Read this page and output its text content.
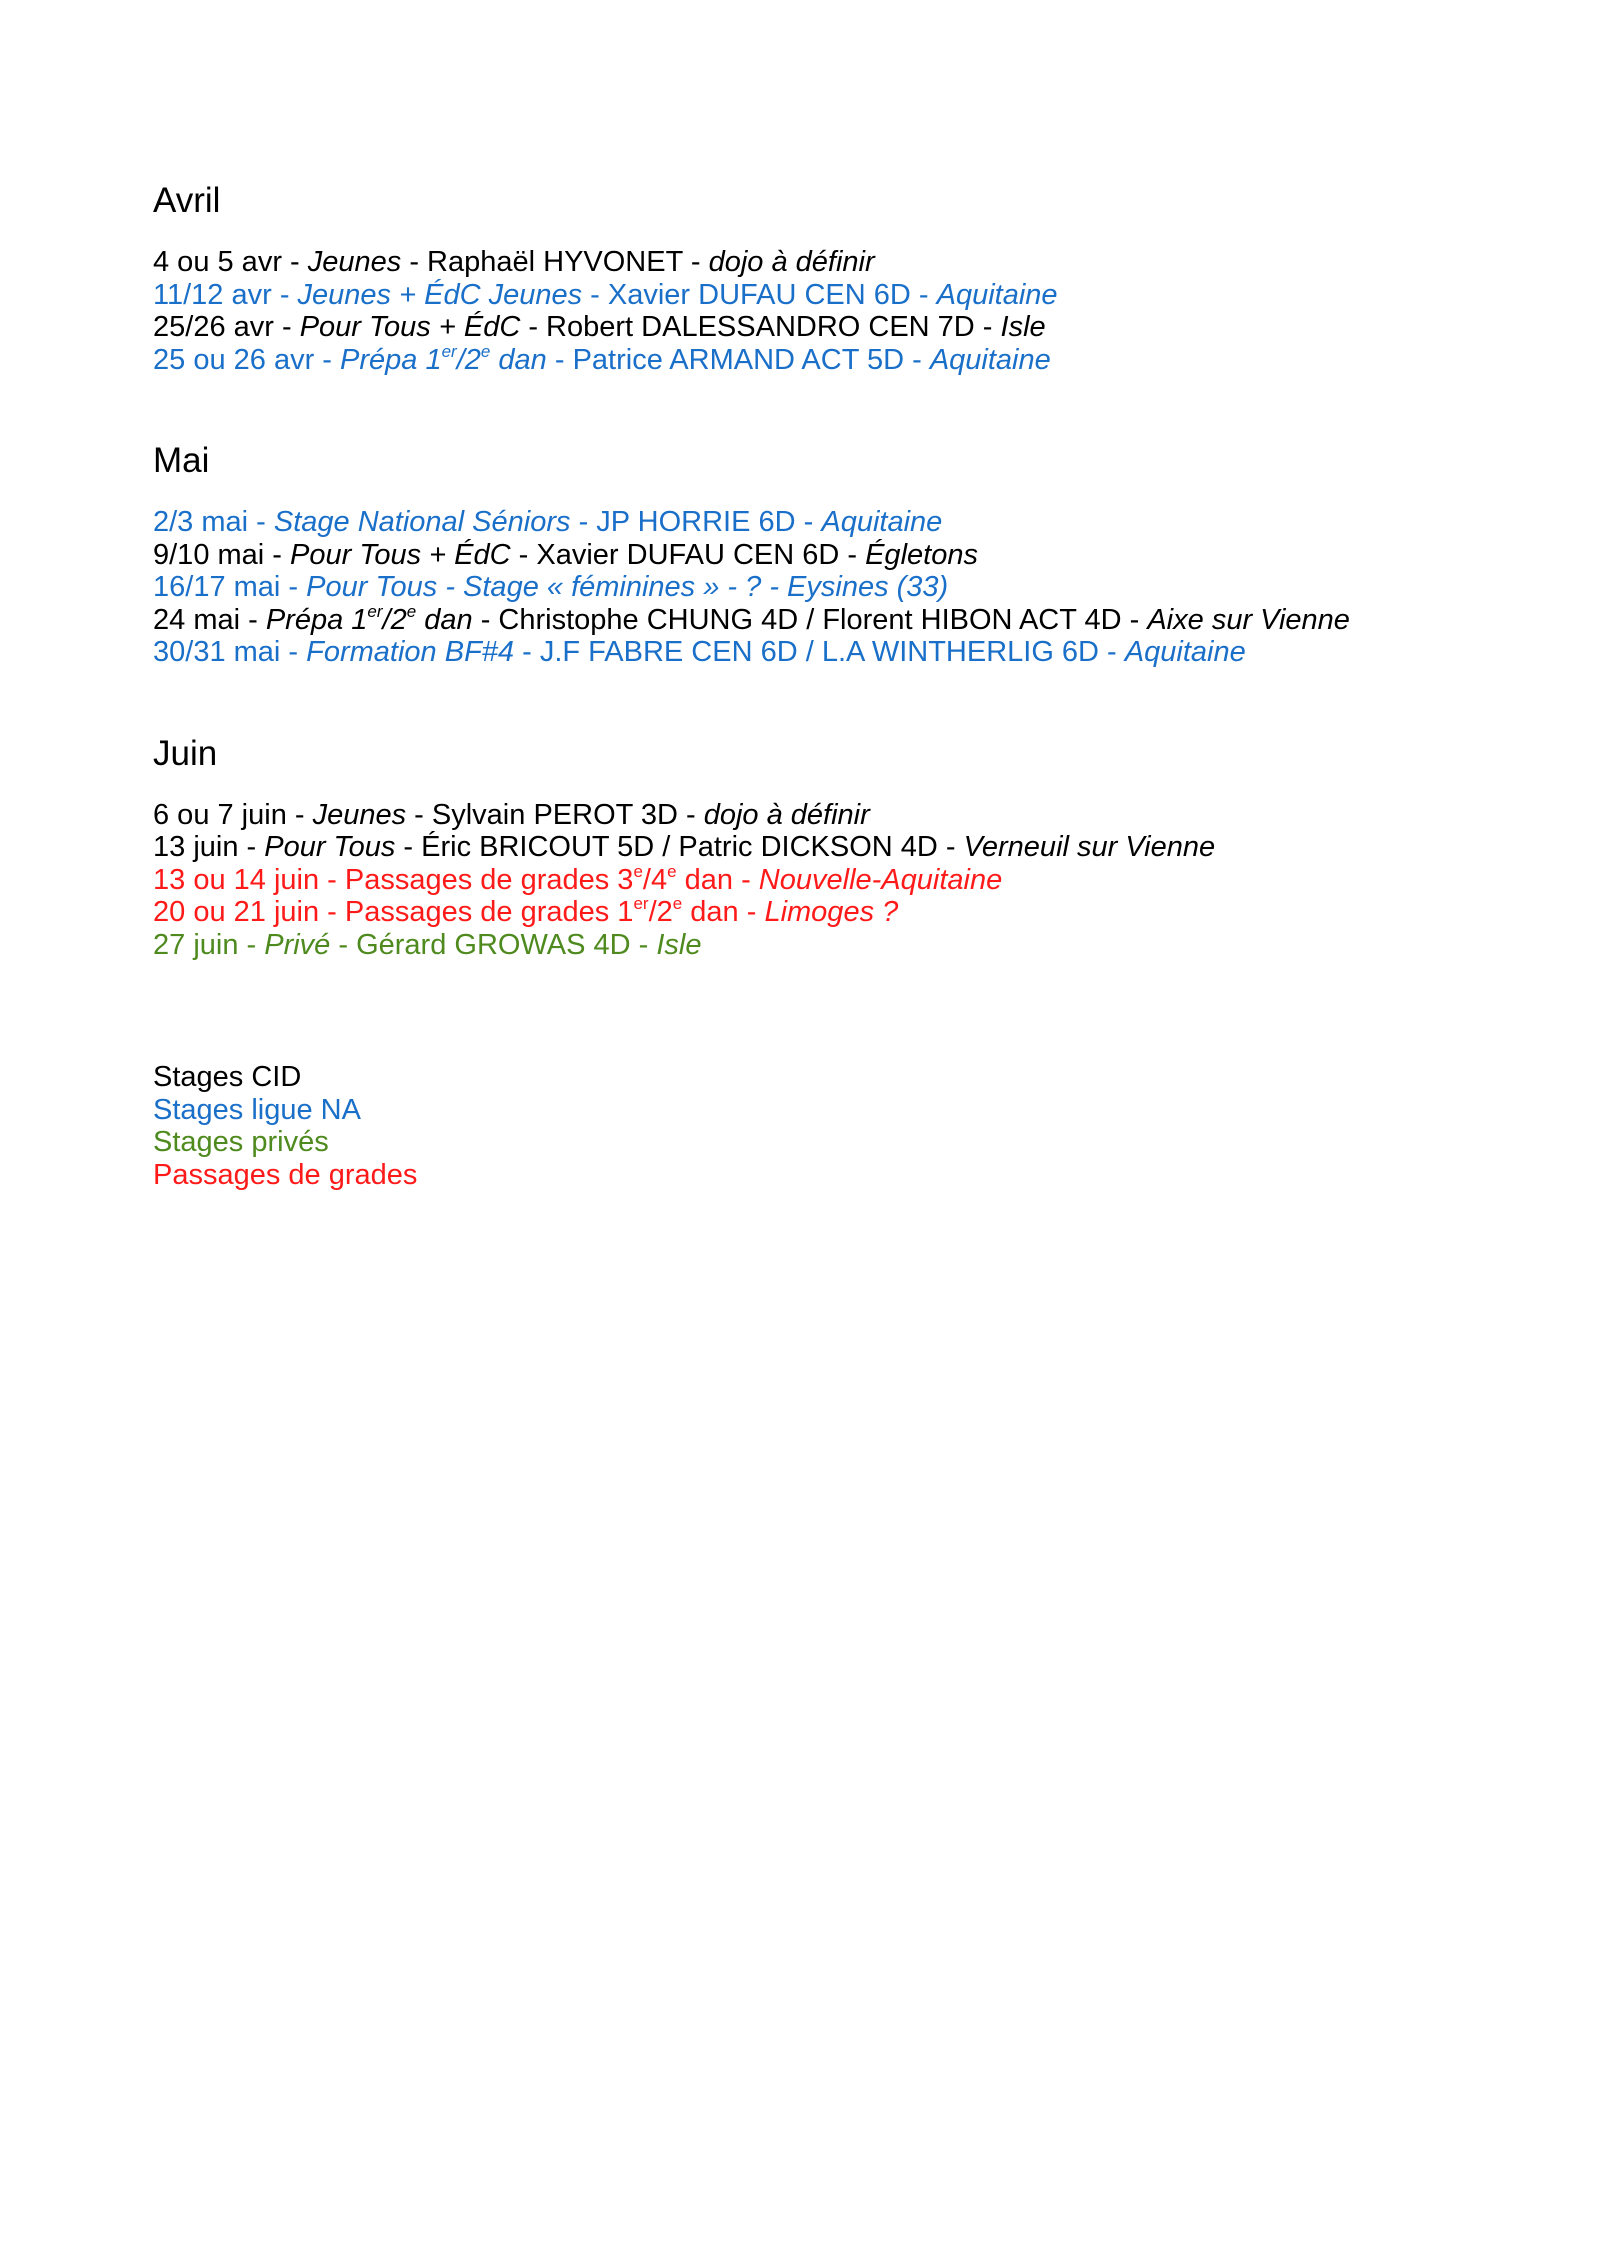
Avril
4 ou 5 avr - Jeunes - Raphaël HYVONET - dojo à définir
11/12 avr - Jeunes + ÉdC Jeunes - Xavier DUFAU CEN 6D - Aquitaine
25/26 avr - Pour Tous + ÉdC - Robert DALESSANDRO CEN 7D - Isle
25 ou 26 avr - Prépa 1er/2e dan - Patrice ARMAND ACT 5D - Aquitaine
Mai
2/3 mai - Stage National Séniors - JP HORRIE 6D - Aquitaine
9/10 mai - Pour Tous + ÉdC - Xavier DUFAU CEN 6D - Égletons
16/17 mai - Pour Tous - Stage « féminines » - ? - Eysines (33)
24 mai - Prépa 1er/2e dan - Christophe CHUNG 4D / Florent HIBON ACT 4D - Aixe sur Vienne
30/31 mai - Formation BF#4 - J.F FABRE CEN 6D / L.A WINTHERLIG 6D - Aquitaine
Juin
6 ou 7 juin - Jeunes - Sylvain PEROT 3D - dojo à définir
13 juin - Pour Tous - Éric BRICOUT 5D / Patric DICKSON 4D - Verneuil sur Vienne
13 ou 14 juin - Passages de grades 3e/4e dan - Nouvelle-Aquitaine
20 ou 21 juin - Passages de grades 1er/2e dan - Limoges ?
27 juin - Privé - Gérard GROWAS 4D - Isle
Stages CID
Stages ligue NA
Stages privés
Passages de grades
